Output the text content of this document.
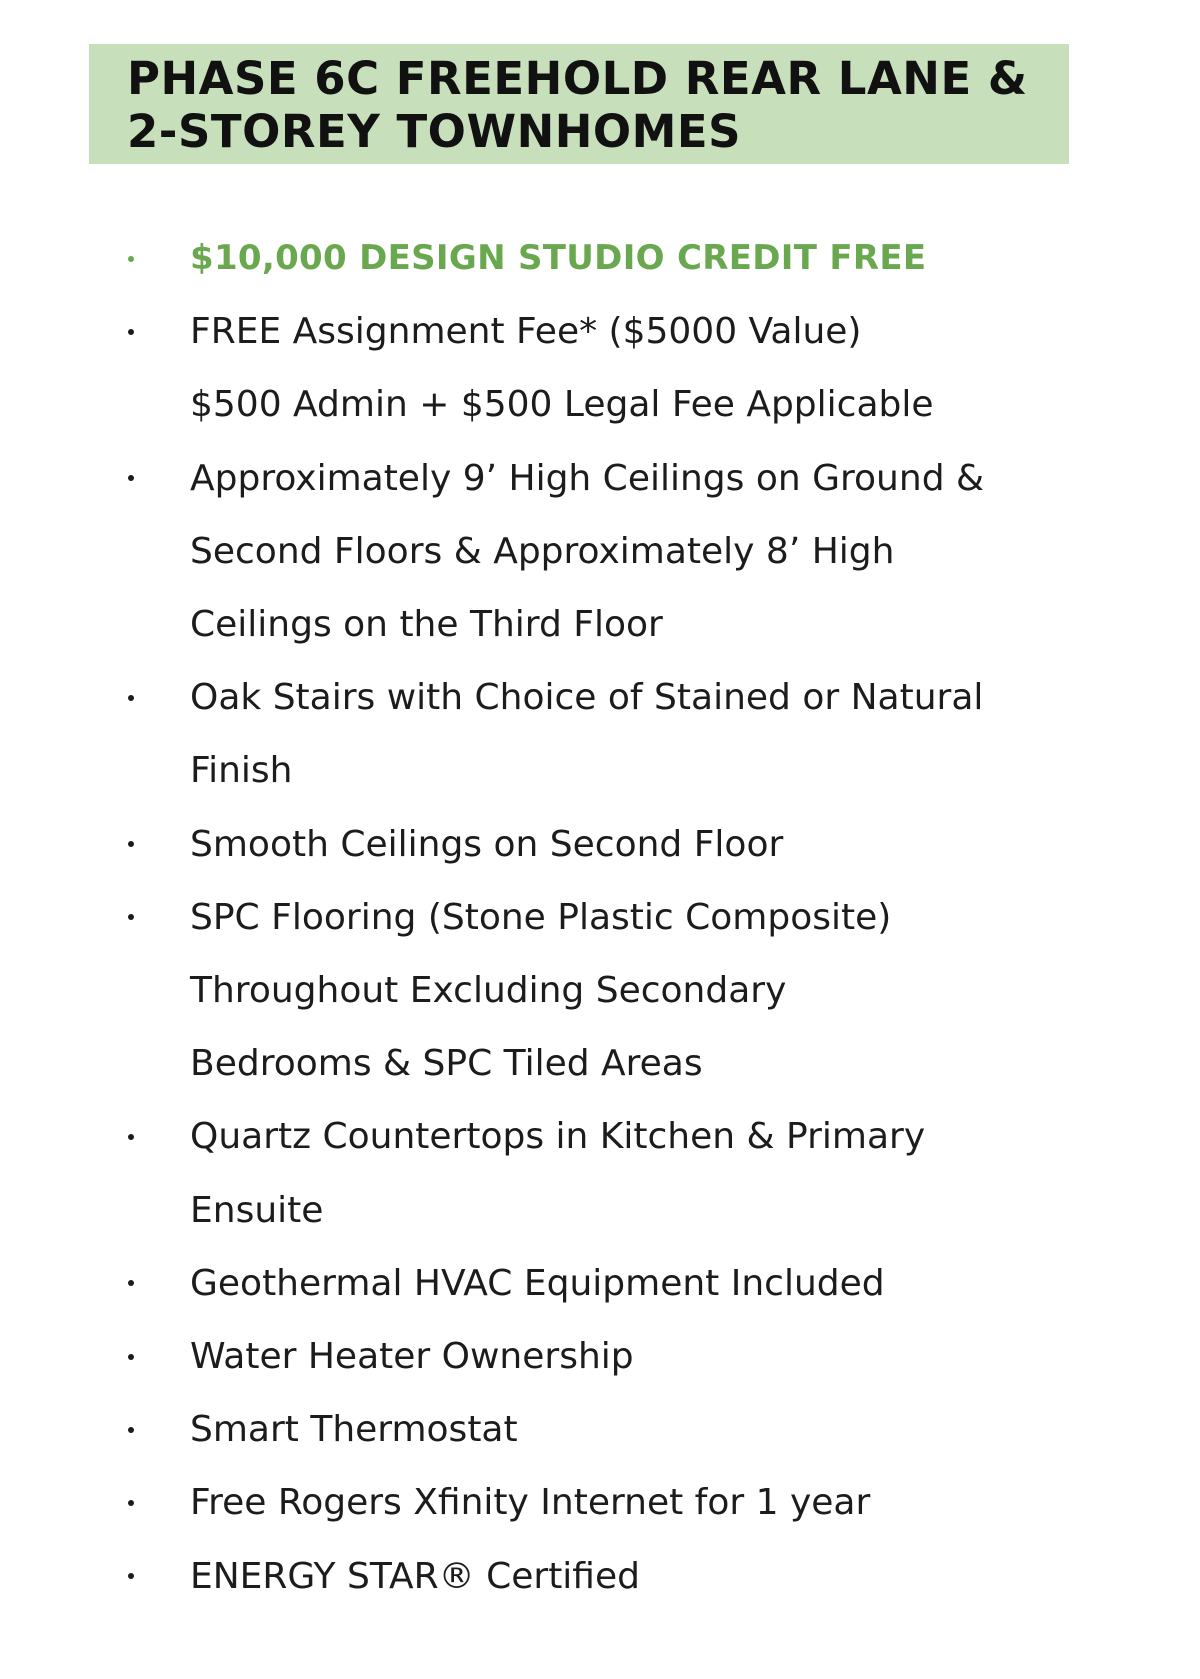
PHASE 6C FREEHOLD REAR LANE &
2-STOREY TOWNHOMES
$10,000 DESIGN STUDIO CREDIT FREE
FREE Assignment Fee* ($5000 Value)
$500 Admin + $500 Legal Fee Applicable
Approximately 9’ High Ceilings on Ground &
Second Floors & Approximately 8’ High
Ceilings on the Third Floor
Oak Stairs with Choice of Stained or Natural
Finish
Smooth Ceilings on Second Floor
SPC Flooring (Stone Plastic Composite)
Throughout Excluding Secondary
Bedrooms & SPC Tiled Areas
Quartz Countertops in Kitchen & Primary
Ensuite
Geothermal HVAC Equipment Included
Water Heater Ownership
Smart Thermostat
Free Rogers Xfinity Internet for 1 year
ENERGY STAR® Certified
